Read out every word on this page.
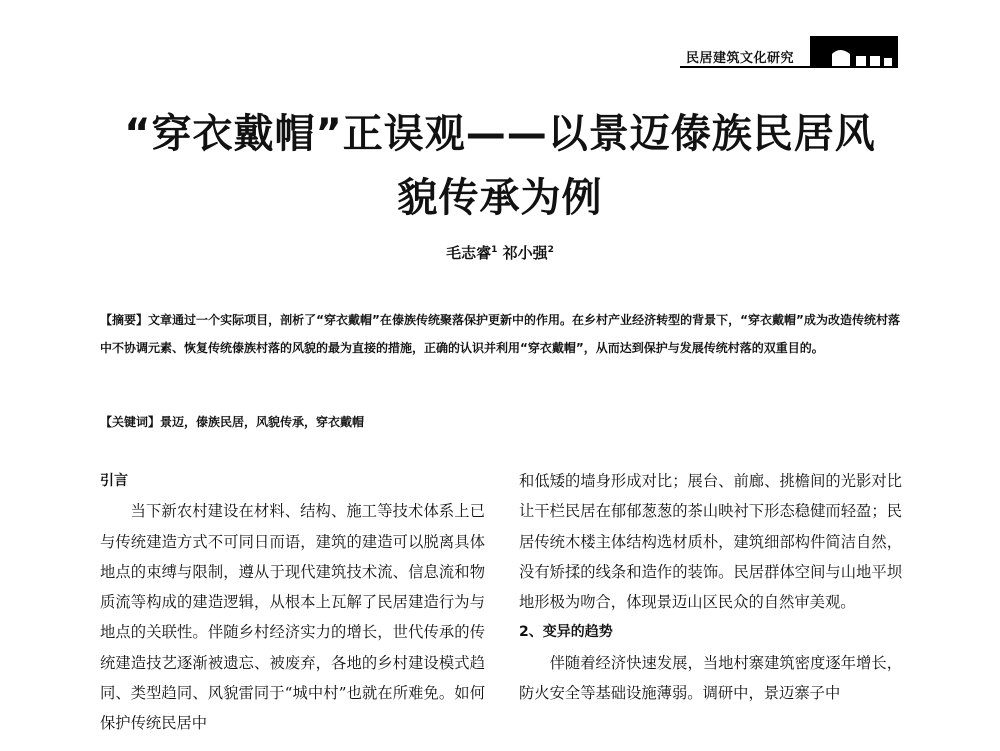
民居建筑文化研究
“穿衣戴帽”正误观——以景迈傣族民居风
貌传承为例
毛志睿$^1$ 祁小强$^2$
【摘要】文章通过一个实际项目，剖析了“穿衣戴帽”在傣族传统聚落保护更新中的作用。在乡村产业经济转型的背景下，“穿衣戴帽”成为改造传统村落中不协调元素、恢复传统傣族村落的风貌的最为直接的措施，正确的认识并利用“穿衣戴帽”，从而达到保护与发展传统村落的双重目的。
【关键词】景迈，傣族民居，风貌传承，穿衣戴帽
引言

当下新农村建设在材料、结构、施工等技术体系上已与传统建造方式不可同日而语，建筑的建造可以脱离具体地点的束缚与限制，遵从于现代建筑技术流、信息流和物质流等构成的建造逻辑，从根本上瓦解了民居建造行为与地点的关联性。伴随乡村经济实力的增长，世代传承的传统建造技艺逐渐被遗忘、被废弃，各地的乡村建设模式趋同、类型趋同、风貌雷同于“城中村”也就在所难免。如何保护传统民居中

和低矮的墙身形成对比；展台、前廊、挑檐间的光影对比让干栏民居在郁郁葱葱的茶山映衬下形态稳健而轻盈；民居传统木楼主体结构选材质朴，建筑细部构件简洁自然，没有矫揉的线条和造作的装饰。民居群体空间与山地平坝地形极为吻合，体现景迈山区民众的自然审美观。

2、变异的趋势

伴随着经济快速发展，当地村寨建筑密度逐年增长，防火安全等基础设施薄弱。调研中，景迈寨子中
